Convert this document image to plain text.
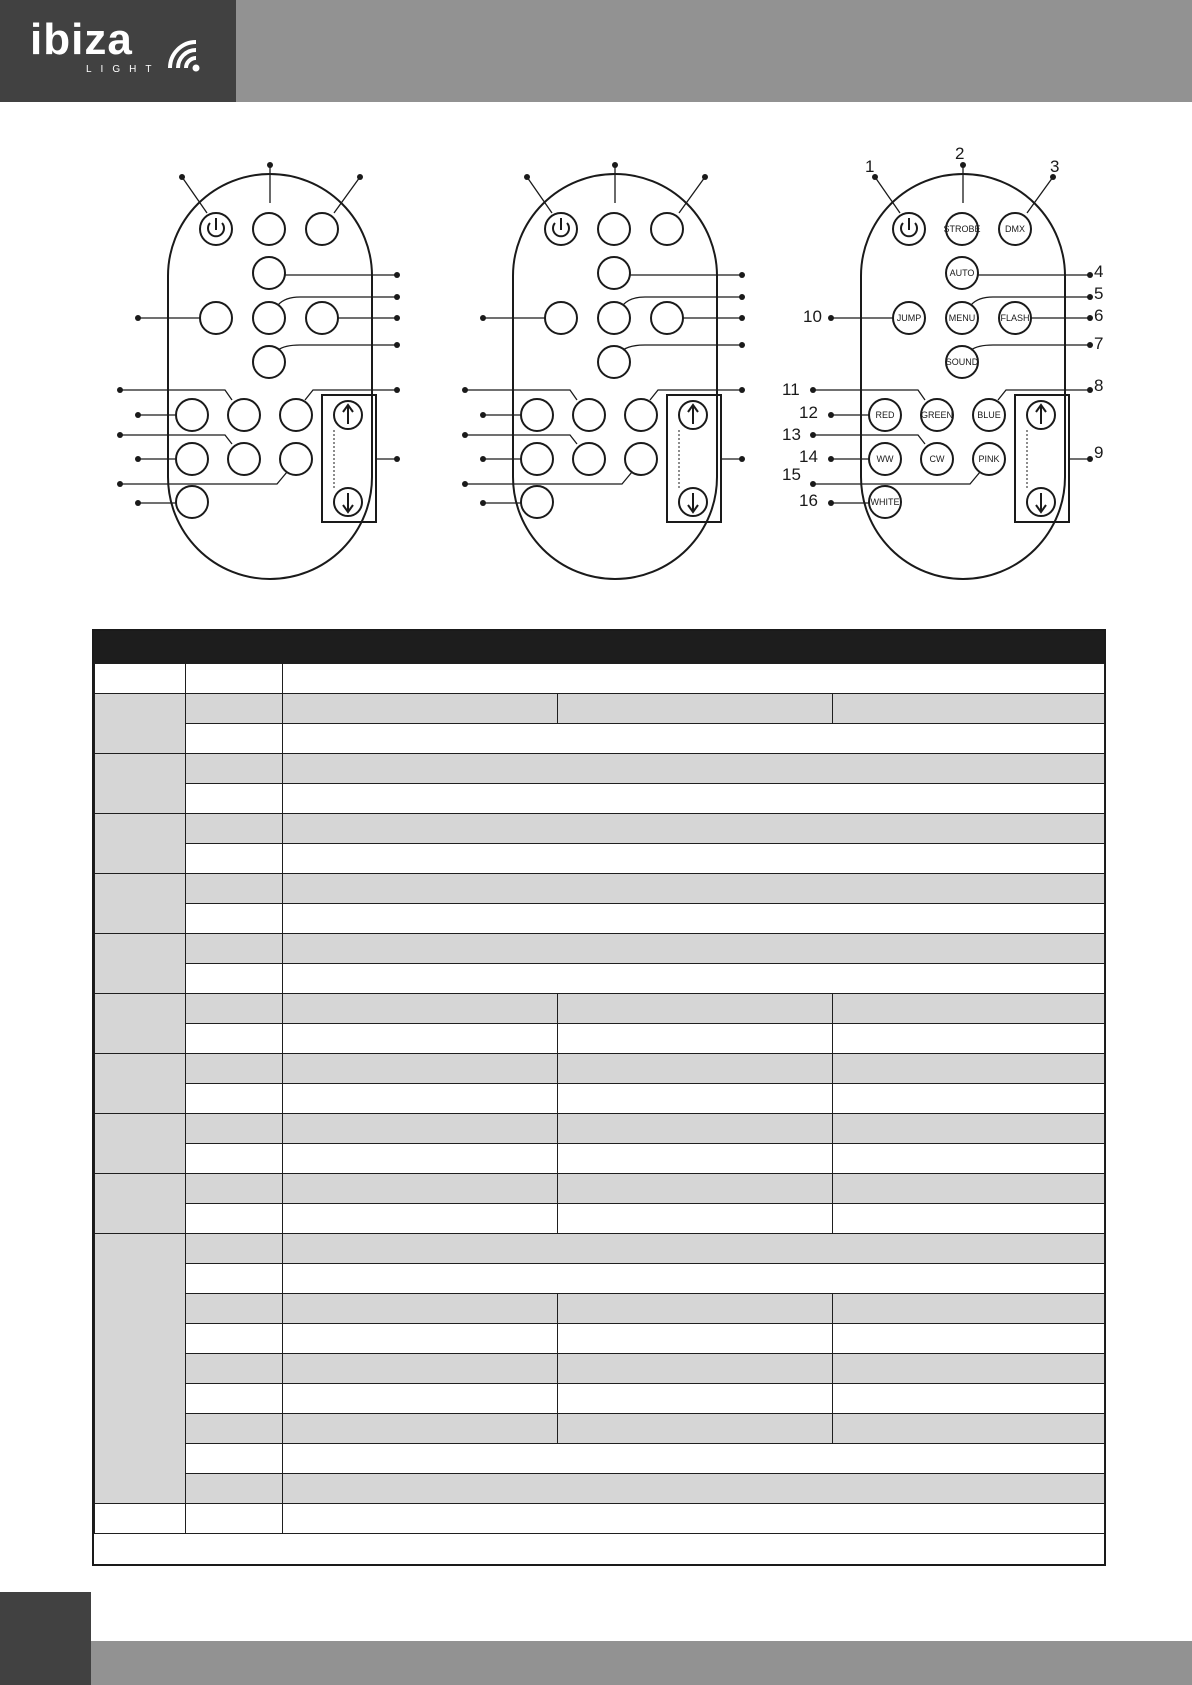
ibiza
LIGHT
STROBE	DMX
AUTO
MENU	FLASH
JUMP
SOUND
RED	GREEN	BLUE
WW	CW	PINK
WHITE
1
2
3
4
5
6
7
8
9
10
11
12
13
14
15
16
